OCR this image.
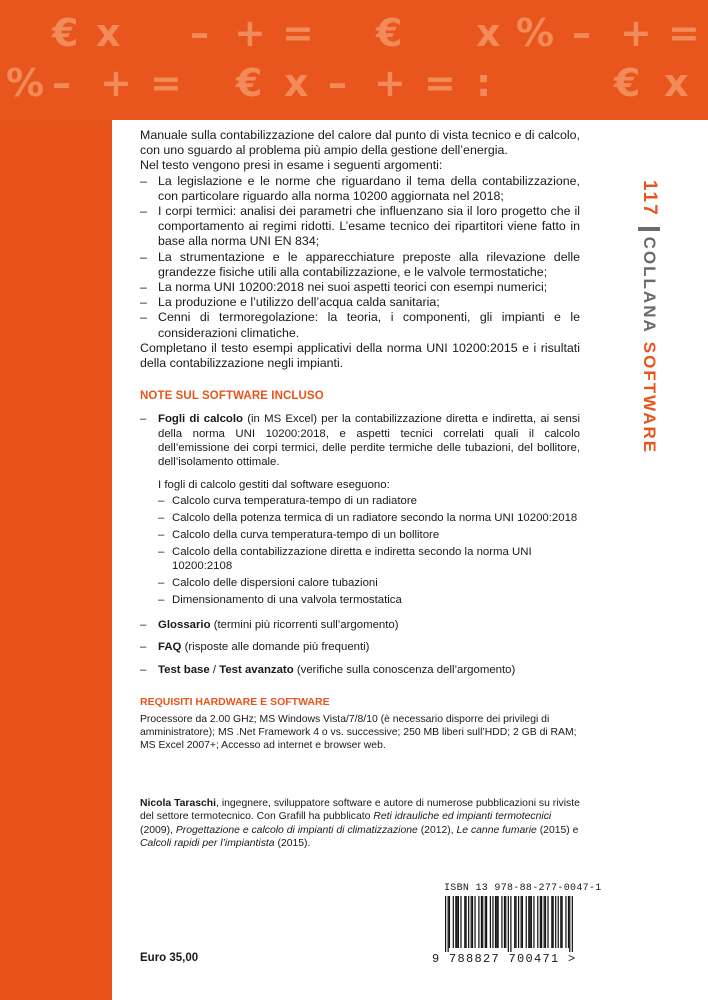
€ x – + = € x % – + =
% – + = € x – + = :	€ x
117
COLLANA
SOFTWARE

Manuale sulla contabilizzazione del calore dal punto di vista tecnico e di calcolo, con uno sguardo al problema più ampio della gestione dell’energia.

Nel testo vengono presi in esame i seguenti argomenti:

– La legislazione e le norme che riguardano il tema della contabilizzazione, con particolare riguardo alla norma 10200 aggiornata nel 2018;
– I corpi termici: analisi dei parametri che influenzano sia il loro progetto che il comportamento ai regimi ridotti. L’esame tecnico dei ripartitori viene fatto in base alla norma UNI EN 834;
– La strumentazione e le apparecchiature preposte alla rilevazione delle grandezze fisiche utili alla contabilizzazione, e le valvole termostatiche;
– La norma UNI 10200:2018 nei suoi aspetti teorici con esempi numerici;
– La produzione e l’utilizzo dell’acqua calda sanitaria;
– Cenni di termoregolazione: la teoria, i componenti, gli impianti e le considerazioni climatiche.

Completano il testo esempi applicativi della norma UNI 10200:2015 e i risultati della contabilizzazione negli impianti.

NOTE SUL SOFTWARE INCLUSO
– Fogli di calcolo (in MS Excel) per la contabilizzazione diretta e indiretta, ai sensi della norma UNI 10200:2018, e aspetti tecnici correlati quali il calcolo dell’emissione dei corpi termici, delle perdite termiche delle tubazioni, del bollitore, dell’isolamento ottimale.
I fogli di calcolo gestiti dal software eseguono:
– Calcolo curva temperatura-tempo di un radiatore
– Calcolo della potenza termica di un radiatore secondo la norma UNI 10200:2018
– Calcolo della curva temperatura-tempo di un bollitore
– Calcolo della contabilizzazione diretta e indiretta secondo la norma UNI 10200:2108
– Calcolo delle dispersioni calore tubazioni
– Dimensionamento di una valvola termostatica
– Glossario (termini più ricorrenti sull’argomento)
– FAQ (risposte alle domande più frequenti)
– Test base / Test avanzato (verifiche sulla conoscenza dell’argomento)
REQUISITI HARDWARE E SOFTWARE
Processore da 2.00 GHz; MS Windows Vista/7/8/10 (è necessario disporre dei privilegi di amministratore); MS .Net Framework 4 o vs. successive; 250 MB liberi sull’HDD; 2 GB di RAM; MS Excel 2007+; Accesso ad internet e browser web.
Nicola Taraschi, ingegnere, sviluppatore software e autore di numerose pubblicazioni su riviste del settore termotecnico. Con Grafill ha pubblicato Reti idrauliche ed impianti termotecnici (2009), Progettazione e calcolo di impianti di climatizzazione (2012), Le canne fumarie (2015) e Calcoli rapidi per l’impiantista (2015).
ISBN 13 978-88-277-0047-1
9 788827 700471 >
Euro 35,00
